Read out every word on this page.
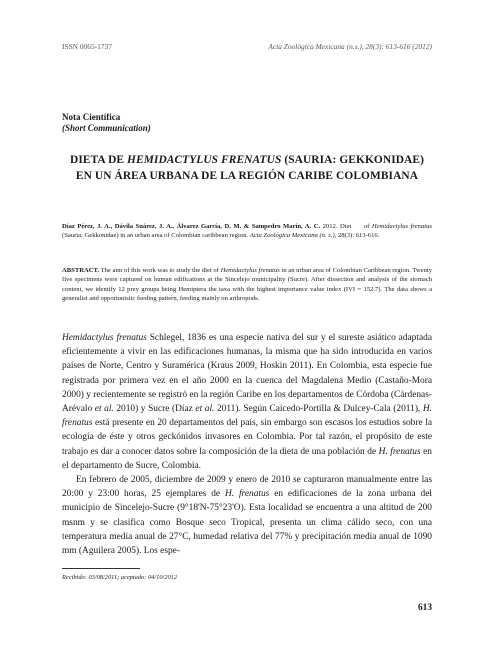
ISSN 0065-1737	Acta Zoológica Mexicana (n.s.), 28(3): 613-616 (2012)
Nota Científica
(Short Communication)
DIETA DE HEMIDACTYLUS FRENATUS (SAURIA: GEKKONIDAE) EN UN ÁREA URBANA DE LA REGIÓN CARIBE COLOMBIANA
Díaz Pérez, J. A., Dávila Suárez, J. A., Álvarez García, D. M. & Sampedro Marín, A. C. 2012. Diet of Hemidactylus frenatus (Sauria: Gekkonidae) in an urban area of Colombian caribbean region. Acta Zoológica Mexicana (n. s.), 28(3): 613-616.
ABSTRACT. The aim of this work was to study the diet of Hemidactylus frenatus in an urban area of Colombian Caribbean region. Twenty five specimens were captured on human edifications at the Sincelejo municipality (Sucre). After dissection and analysis of the stomach content, we identify 12 prey groups being Hemiptera the taxa with the highest importance value index (IVI = 152.7). The data shows a generalist and opportunistic feeding pattern, feeding mainly on arthropods.

Hemidactylus frenatus Schlegel, 1836 es una especie nativa del sur y el sureste asiático adaptada eficientemente a vivir en las edificaciones humanas, la misma que ha sido introducida en varios países de Norte, Centro y Suramérica (Kraus 2009, Hoskin 2011). En Colombia, esta especie fue registrada por primera vez en el año 2000 en la cuenca del Magdalena Medio (Castaño-Mora 2000) y recientemente se registró en la región Caribe en los departamentos de Córdoba (Cárdenas-Arévalo et al. 2010) y Sucre (Díaz et al. 2011). Según Caicedo-Portilla & Dulcey-Cala (2011), H. frenatus está presente en 20 departamentos del país, sin embargo son escasos los estudios sobre la ecología de éste y otros geckónidos invasores en Colombia. Por tal razón, el propósito de este trabajo es dar a conocer datos sobre la composición de la dieta de una población de H. frenatus en el departamento de Sucre, Colombia.

En febrero de 2005, diciembre de 2009 y enero de 2010 se capturaron manualmente entre las 20:00 y 23:00 horas, 25 ejemplares de H. frenatus en edificaciones de la zona urbana del municipio de Sincelejo-Sucre (9°18'N-75°23'O). Esta localidad se encuentra a una altitud de 200 msnm y se clasifica como Bosque seco Tropical, presenta un clima cálido seco, con una temperatura media anual de 27°C, humedad relativa del 77% y precipitación media anual de 1090 mm (Aguilera 2005). Los espe-

Recibido: 03/08/2011; aceptado: 04/10/2012
613
